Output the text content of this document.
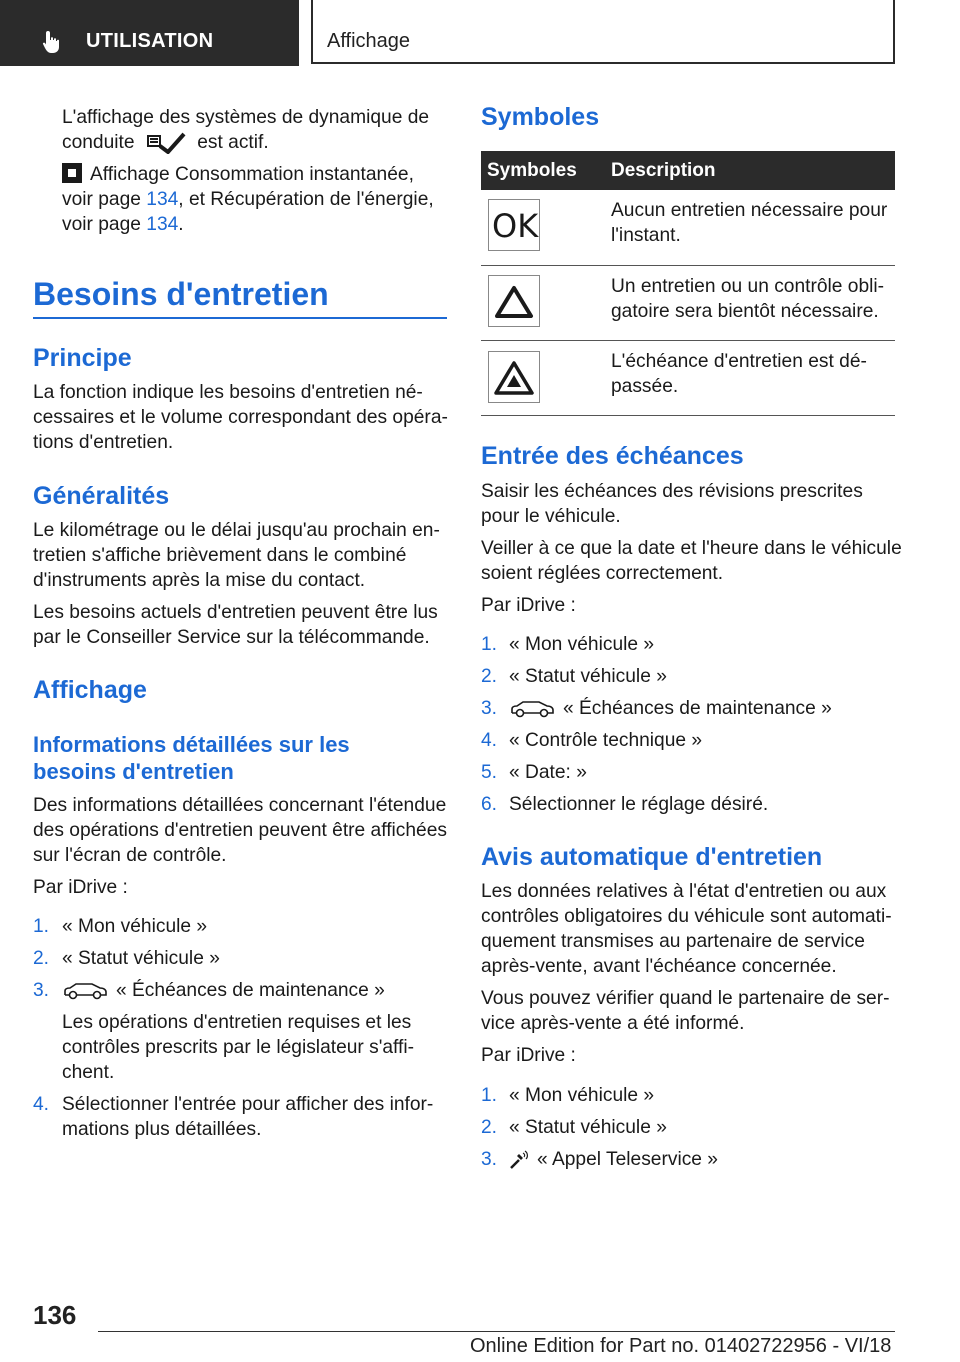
UTILISATION	Affichage
L'affichage des systèmes de dynamique de
conduite	est actif.
Affichage Consommation instantanée,
voir page 134, et Récupération de l'énergie,
voir page 134.
Besoins d'entretien
Principe
La fonction indique les besoins d'entretien né-
cessaires et le volume correspondant des opéra-
tions d'entretien.
Généralités
Le kilométrage ou le délai jusqu'au prochain en-
tretien s'affiche brièvement dans le combiné
d'instruments après la mise du contact.
Les besoins actuels d'entretien peuvent être lus
par le Conseiller Service sur la télécommande.
Affichage
Informations détaillées sur les
besoins d'entretien
Des informations détaillées concernant l'étendue
des opérations d'entretien peuvent être affichées
sur l'écran de contrôle.
Par iDrive :
1. « Mon véhicule »
2. « Statut véhicule »
3.	« Échéances de maintenance »
Les opérations d'entretien requises et les
contrôles prescrits par le législateur s'affi-
chent.
4. Sélectionner l'entrée pour afficher des infor-
mations plus détaillées.
Symboles
Symboles Description
OK	Aucun entretien nécessaire pour
l'instant.
Un entretien ou un contrôle obli-
gatoire sera bientôt nécessaire.
L'échéance d'entretien est dé-
passée.
Entrée des échéances
Saisir les échéances des révisions prescrites
pour le véhicule.
Veiller à ce que la date et l'heure dans le véhicule
soient réglées correctement.
Par iDrive :
1. « Mon véhicule »
2. « Statut véhicule »
3.	« Échéances de maintenance »
4. « Contrôle technique »
5. « Date: »
6. Sélectionner le réglage désiré.
Avis automatique d'entretien
Les données relatives à l'état d'entretien ou aux
contrôles obligatoires du véhicule sont automati-
quement transmises au partenaire de service
après-vente, avant l'échéance concernée.
Vous pouvez vérifier quand le partenaire de ser-
vice après-vente a été informé.
Par iDrive :
1. « Mon véhicule »
2. « Statut véhicule »
3.	« Appel Teleservice »
136
Online Edition for Part no. 01402722956 - VI/18
